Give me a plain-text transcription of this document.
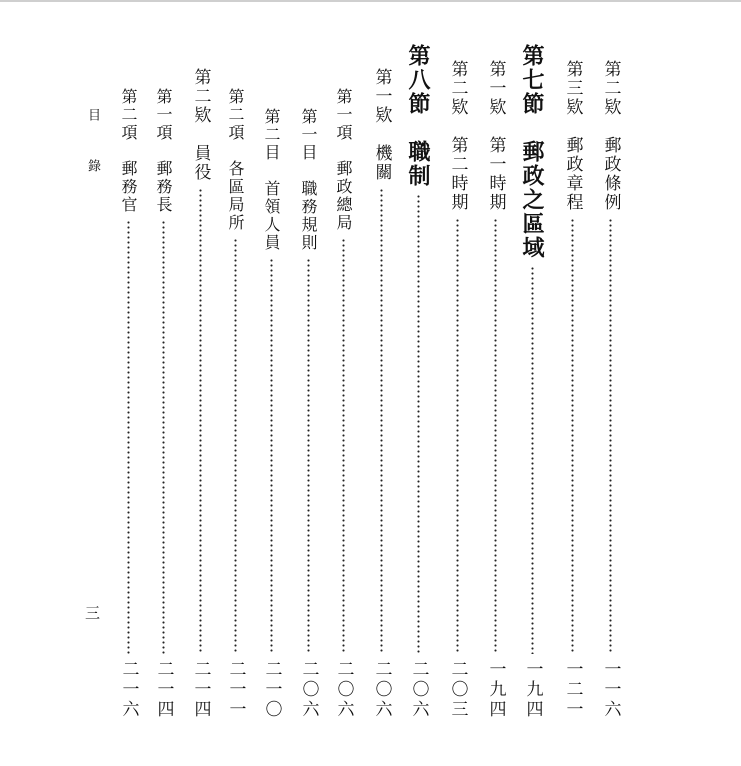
目錄
三
第二欵　郵政條例
一一六
第三欵　郵政章程
一二一
第七節　郵政之區域
一九四
第一欵　第一時期
一九四
第二欵　第二時期
二〇三
第八節　職制
二〇六
第一欵　機關
二〇六
第一項　郵政總局
二〇六
第一目　職務規則
二〇六
第二目　首領人員
二一〇
第二項　各區局所
二一一
第二欵　員役
二一四
第一項　郵務長
二一四
第二項　郵務官
二一六
